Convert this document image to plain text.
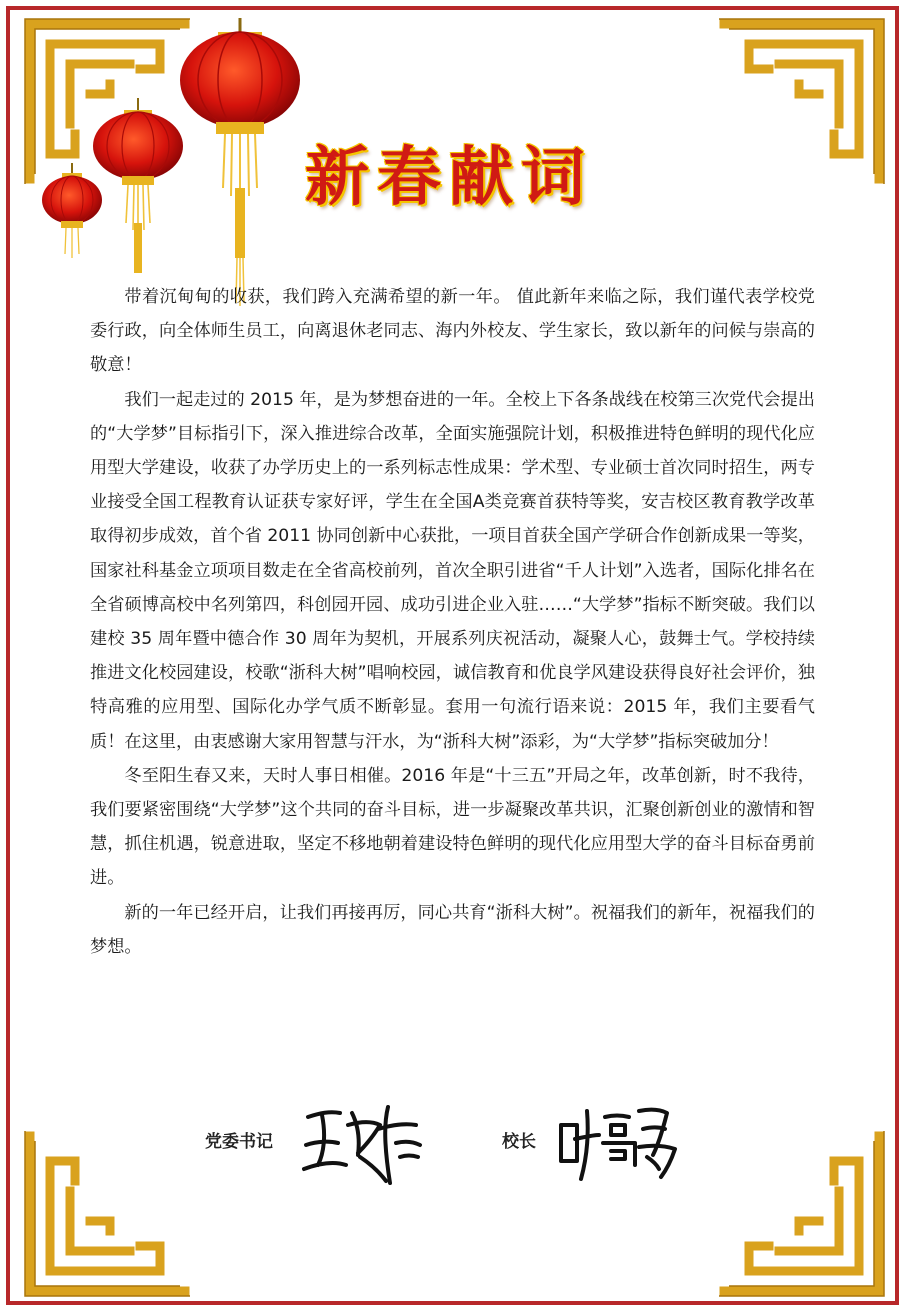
新春献词

带着沉甸甸的收获，我们跨入充满希望的新一年。 值此新年来临之际，我们谨代表学校党委行政，向全体师生员工，向离退休老同志、海内外校友、学生家长，致以新年的问候与崇高的敬意！

我们一起走过的 2015 年，是为梦想奋进的一年。全校上下各条战线在校第三次党代会提出的“大学梦”目标指引下，深入推进综合改革，全面实施强院计划，积极推进特色鲜明的现代化应用型大学建设，收获了办学历史上的一系列标志性成果：学术型、专业硕士首次同时招生，两专业接受全国工程教育认证获专家好评，学生在全国A类竞赛首获特等奖，安吉校区教育教学改革取得初步成效，首个省 2011 协同创新中心获批，一项目首获全国产学研合作创新成果一等奖，国家社科基金立项项目数走在全省高校前列，首次全职引进省“千人计划”入选者，国际化排名在全省硕博高校中名列第四，科创园开园、成功引进企业入驻……“大学梦”指标不断突破。我们以建校 35 周年暨中德合作 30 周年为契机，开展系列庆祝活动，凝聚人心，鼓舞士气。学校持续推进文化校园建设，校歌“浙科大树”唱响校园，诚信教育和优良学风建设获得良好社会评价，独特高雅的应用型、国际化办学气质不断彰显。套用一句流行语来说：2015 年，我们主要看气质！在这里，由衷感谢大家用智慧与汗水，为“浙科大树”添彩，为“大学梦”指标突破加分！

冬至阳生春又来，天时人事日相催。2016 年是“十三五”开局之年，改革创新，时不我待，我们要紧密围绕“大学梦”这个共同的奋斗目标，进一步凝聚改革共识，汇聚创新创业的激情和智慧，抓住机遇，锐意进取，坚定不移地朝着建设特色鲜明的现代化应用型大学的奋斗目标奋勇前进。

新的一年已经开启，让我们再接再厉，同心共育“浙科大树”。祝福我们的新年，祝福我们的梦想。

党委书记	校长
